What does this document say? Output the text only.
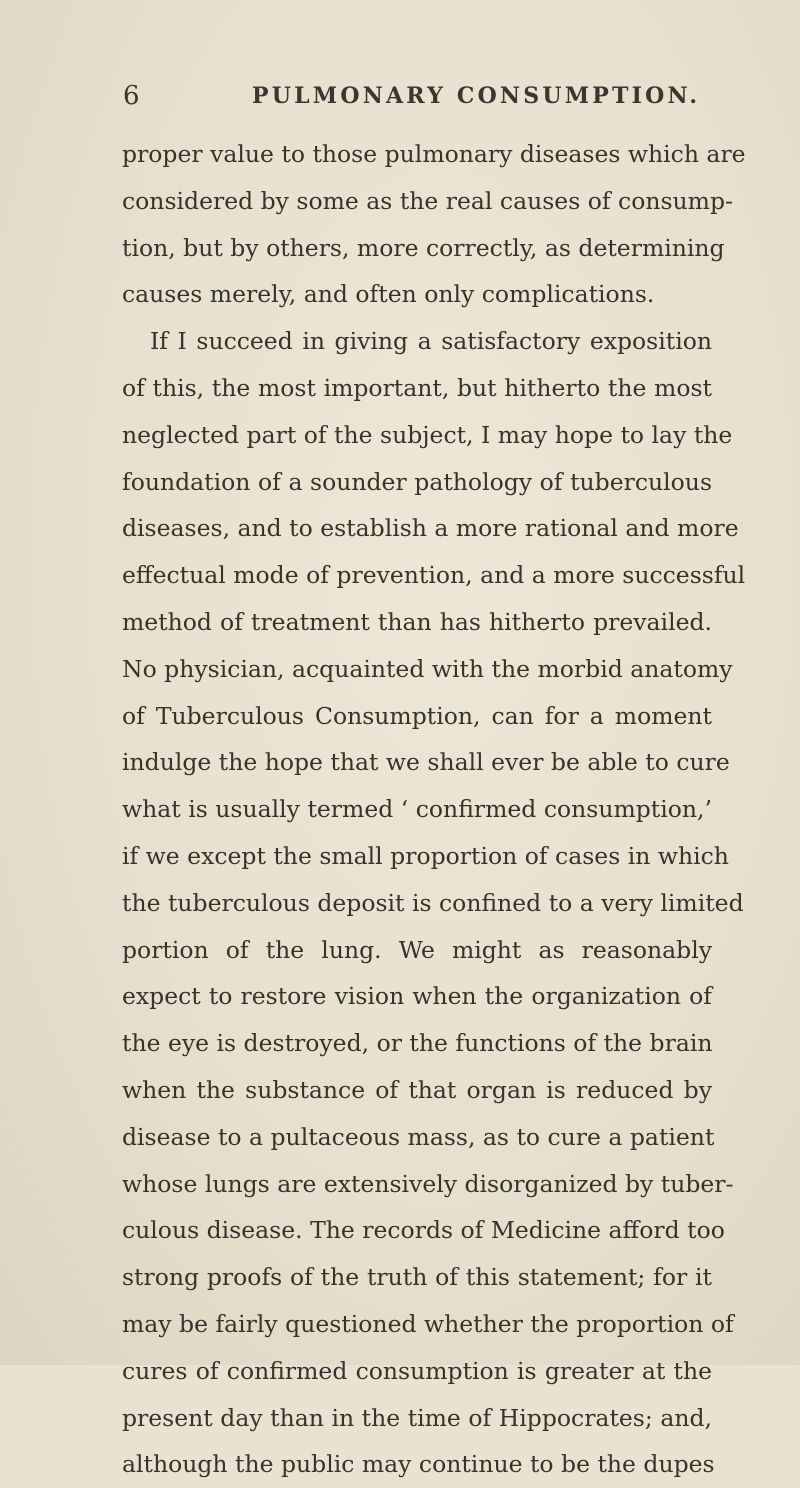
6	PULMONARY CONSUMPTION.
proper value to those pulmonary diseases which are
considered by some as the real causes of consump-
tion, but by others, more correctly, as determining
causes merely, and often only complications.
If I succeed in giving a satisfactory exposition
of this, the most important, but hitherto the most
neglected part of the subject, I may hope to lay the
foundation of a sounder pathology of tuberculous
diseases, and to establish a more rational and more
effectual mode of prevention, and a more successful
method of treatment than has hitherto prevailed.
No physician, acquainted with the morbid anatomy
of Tuberculous Consumption, can for a moment
indulge the hope that we shall ever be able to cure
what is usually termed ‘ confirmed consumption,’
if we except the small proportion of cases in which
the tuberculous deposit is confined to a very limited
portion of the lung. We might as reasonably
expect to restore vision when the organization of
the eye is destroyed, or the functions of the brain
when the substance of that organ is reduced by
disease to a pultaceous mass, as to cure a patient
whose lungs are extensively disorganized by tuber-
culous disease. The records of Medicine afford too
strong proofs of the truth of this statement; for it
may be fairly questioned whether the proportion of
cures of confirmed consumption is greater at the
present day than in the time of Hippocrates; and,
although the public may continue to be the dupes
